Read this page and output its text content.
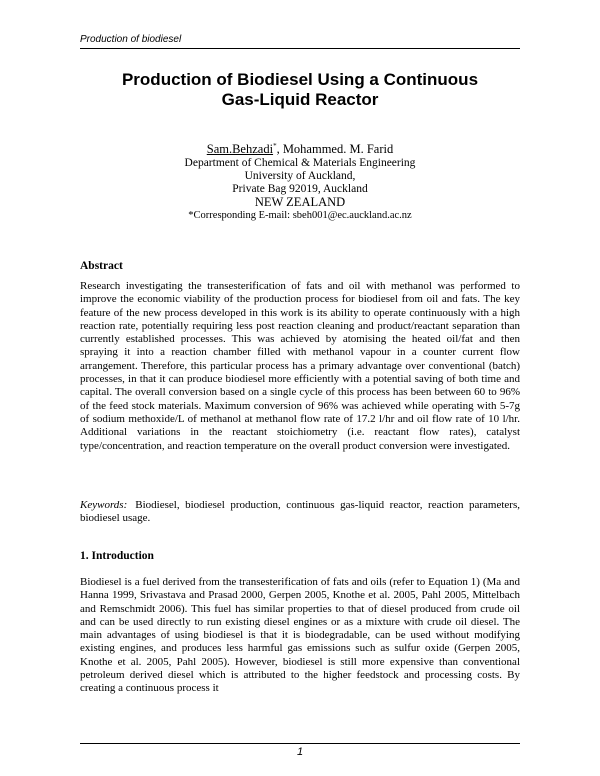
Production of biodiesel
Production of Biodiesel Using a Continuous
Gas-Liquid Reactor
Sam.Behzadi*, Mohammed. M. Farid
Department of Chemical & Materials Engineering
University of Auckland,
Private Bag 92019, Auckland
NEW ZEALAND
*Corresponding E-mail: sbeh001@ec.auckland.ac.nz
Abstract
Research investigating the transesterification of fats and oil with methanol was performed to improve the economic viability of the production process for biodiesel from oil and fats. The key feature of the new process developed in this work is its ability to operate continuously with a high reaction rate, potentially requiring less post reaction cleaning and product/reactant separation than currently established processes. This was achieved by atomising the heated oil/fat and then spraying it into a reaction chamber filled with methanol vapour in a counter current flow arrangement. Therefore, this particular process has a primary advantage over conventional (batch) processes, in that it can produce biodiesel more efficiently with a potential saving of both time and capital. The overall conversion based on a single cycle of this process has been between 60 to 96% of the feed stock materials. Maximum conversion of 96% was achieved while operating with 5-7g of sodium methoxide/L of methanol at methanol flow rate of 17.2 l/hr and oil flow rate of 10 l/hr. Additional variations in the reactant stoichiometry (i.e. reactant flow rates), catalyst type/concentration, and reaction temperature on the overall product conversion were investigated.
Keywords: Biodiesel, biodiesel production, continuous gas-liquid reactor, reaction parameters, biodiesel usage.
1. Introduction
Biodiesel is a fuel derived from the transesterification of fats and oils (refer to Equation 1) (Ma and Hanna 1999, Srivastava and Prasad 2000, Gerpen 2005, Knothe et al. 2005, Pahl 2005, Mittelbach and Remschmidt 2006). This fuel has similar properties to that of diesel produced from crude oil and can be used directly to run existing diesel engines or as a mixture with crude oil diesel. The main advantages of using biodiesel is that it is biodegradable, can be used without modifying existing engines, and produces less harmful gas emissions such as sulfur oxide (Gerpen 2005, Knothe et al. 2005, Pahl 2005). However, biodiesel is still more expensive than conventional petroleum derived diesel which is attributed to the higher feedstock and processing costs. By creating a continuous process it
1
